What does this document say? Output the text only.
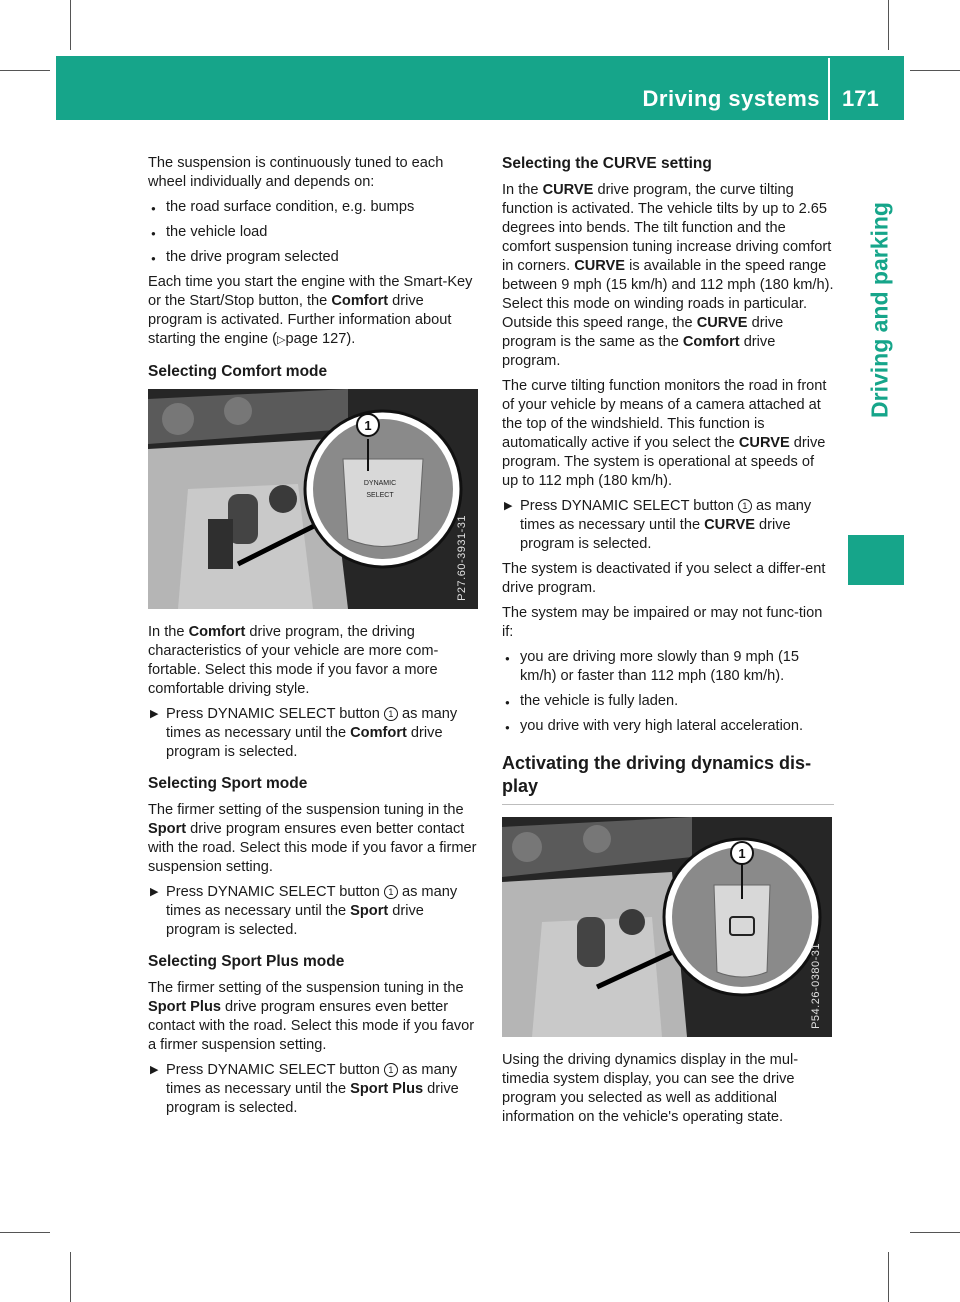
Driving systems 171
Driving and parking

The suspension is continuously tuned to each wheel individually and depends on:

● the road surface condition, e.g. bumps
● the vehicle load
● the drive program selected

Each time you start the engine with the Smart-Key or the Start/Stop button, the Comfort drive program is activated. Further information about starting the engine (▷page 127).

Selecting Comfort mode
1
DYNAMIC
SELECT
P27.60-3931-31

In the Comfort drive program, the driving characteristics of your vehicle are more com-fortable. Select this mode if you favor a more comfortable driving style.

▶ Press DYNAMIC SELECT button 1 as many times as necessary until the Comfort drive program is selected.
Selecting Sport mode

The firmer setting of the suspension tuning in the Sport drive program ensures even better contact with the road. Select this mode if you favor a firmer suspension setting.

▶ Press DYNAMIC SELECT button 1 as many times as necessary until the Sport drive program is selected.
Selecting Sport Plus mode

The firmer setting of the suspension tuning in the Sport Plus drive program ensures even better contact with the road. Select this mode if you favor a firmer suspension setting.

▶ Press DYNAMIC SELECT button 1 as many times as necessary until the Sport Plus drive program is selected.
Selecting the CURVE setting

In the CURVE drive program, the curve tilting function is activated. The vehicle tilts by up to 2.65 degrees into bends. The tilt function and the comfort suspension tuning increase driving comfort in corners. CURVE is available in the speed range between 9 mph (15 km/h) and 112 mph (180 km/h). Select this mode on winding roads in particular. Outside this speed range, the CURVE drive program is the same as the Comfort drive program.

The curve tilting function monitors the road in front of your vehicle by means of a camera attached at the top of the windshield. This function is automatically active if you select the CURVE drive program. The system is operational at speeds of up to 112 mph (180 km/h).

▶ Press DYNAMIC SELECT button 1 as many times as necessary until the CURVE drive program is selected.

The system is deactivated if you select a differ-ent drive program.

The system may be impaired or may not func-tion if:

● you are driving more slowly than 9 mph (15 km/h) or faster than 112 mph (180 km/h).
● the vehicle is fully laden.
● you drive with very high lateral acceleration.
Activating the driving dynamics dis-play
1
P54.26-0380-31

Using the driving dynamics display in the mul-timedia system display, you can see the drive program you selected as well as additional information on the vehicle's operating state.
